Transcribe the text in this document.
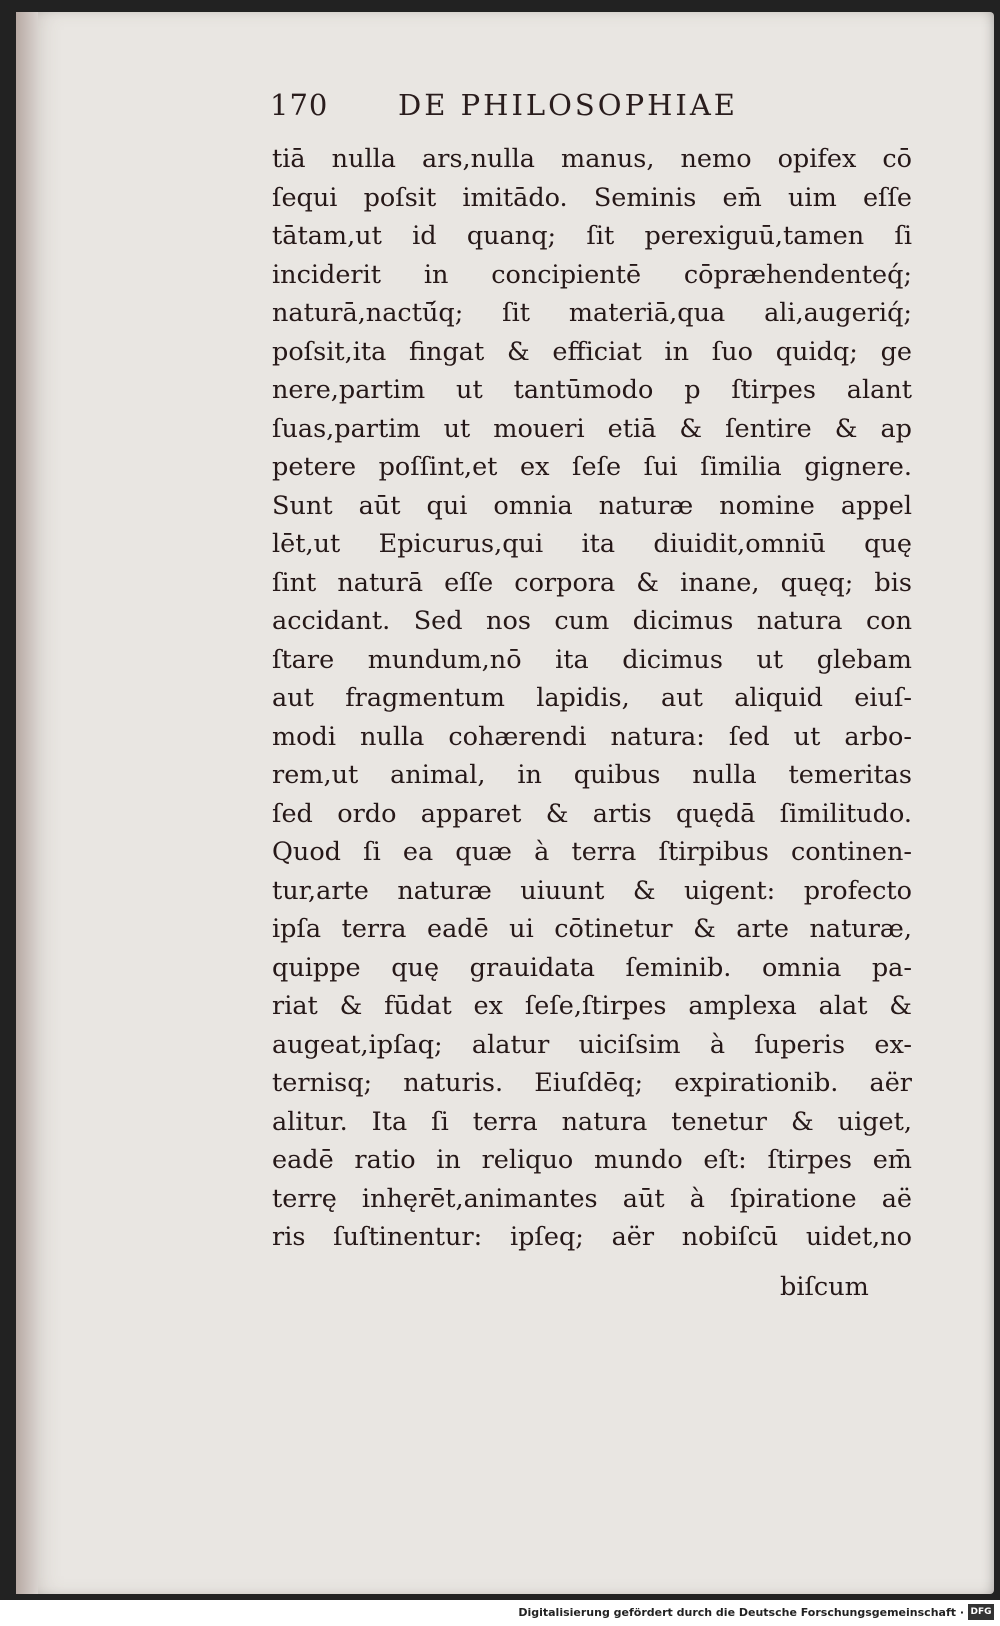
170 DE PHILOSOPHIAE
tiā nulla ars,nulla manus, nemo opifex cō
ſequi poſsit imitādo. Seminis em̄ uim eſſe
tātam,ut id quanq; ſit perexiguū,tamen ſi
inciderit in concipientē cōpræhendenteq́;
naturā,nactū́q; ſit materiā,qua ali,augeriq́;
poſsit,ita fingat & efficiat in ſuo quidq; ge
nere,partim ut tantūmodo p ſtirpes alant
ſuas,partim ut moueri etiā & ſentire & ap
petere poſſint,et ex ſeſe ſui ſimilia gignere.
Sunt aūt qui omnia naturæ nomine appel
lēt,ut Epicurus,qui ita diuidit,omniū quę
ſint naturā eſſe corpora & inane, quęq; bis
accidant. Sed nos cum dicimus natura con
ſtare mundum,nō ita dicimus ut glebam
aut fragmentum lapidis, aut aliquid eiuſ-
modi nulla cohærendi natura: ſed ut arbo-
rem,ut animal, in quibus nulla temeritas
ſed ordo apparet & artis quędā ſimilitudo.
Quod ſi ea quæ à terra ſtirpibus continen-
tur,arte naturæ uiuunt & uigent: profecto
ipſa terra eadē ui cōtinetur & arte naturæ,
quippe quę grauidata ſeminib. omnia pa-
riat & fūdat ex ſeſe,ſtirpes amplexa alat &
augeat,ipſaq; alatur uiciſsim à ſuperis ex-
ternisq; naturis. Eiuſdēq; expirationib. aër
alitur. Ita ſi terra natura tenetur & uiget,
eadē ratio in reliquo mundo eſt: ſtirpes em̄
terrę inhęrēt,animantes aūt à ſpiratione aë
ris ſuſtinentur: ipſeq; aër nobiſcū uidet,no
biſcum
Digitalisierung gefördert durch die Deutsche Forschungsgemeinschaft · DFG
